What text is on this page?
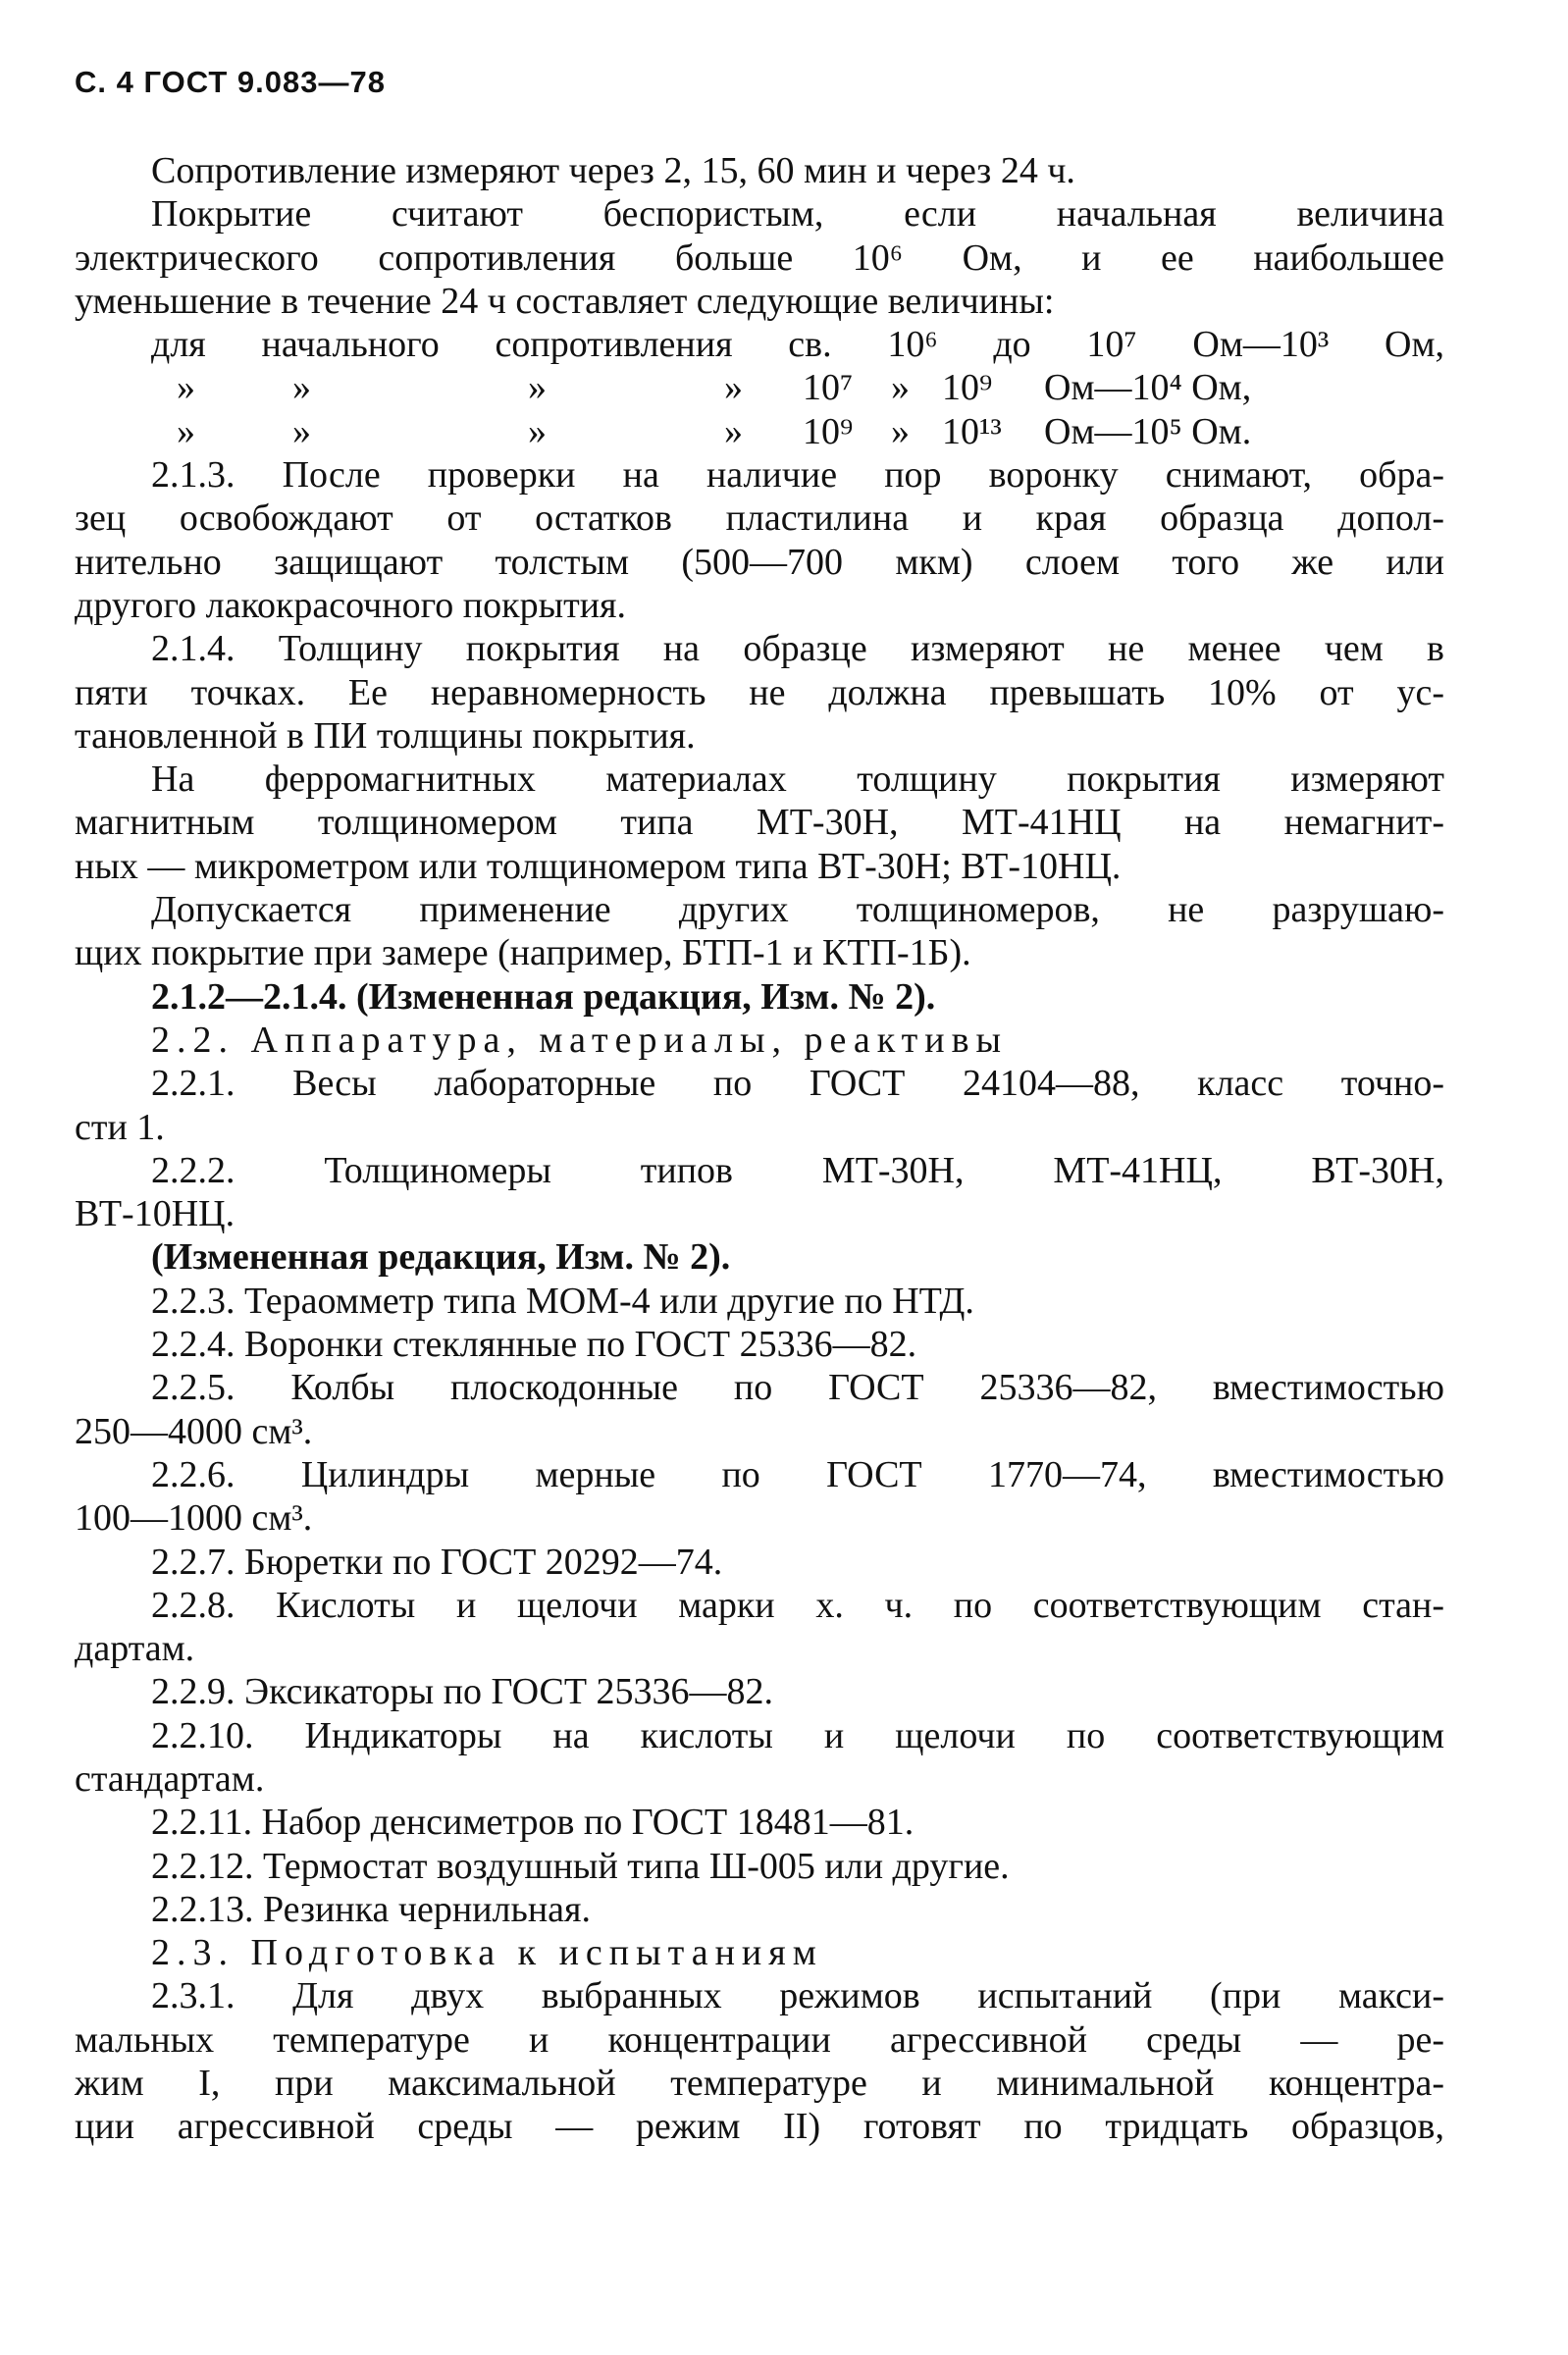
С. 4 ГОСТ 9.083—78
Сопротивление измеряют через 2, 15, 60 мин и через 24 ч.
Покрытие считают беспористым, если начальная величина
электрического сопротивления больше 10⁶ Ом, и ее наибольшее
уменьшение в течение 24 ч составляет следующие величины:
для начального сопротивления св. 10⁶ до 10⁷ Ом—10³ Ом,
»	»	»	»	10⁷	» 10⁹	Ом—10⁴ Ом,
»	»	»	»	10⁹	» 10¹³	Ом—10⁵ Ом.
2.1.3. После проверки на наличие пор воронку снимают, обра-
зец освобождают от остатков пластилина и края образца допол-
нительно защищают толстым (500—700 мкм) слоем того же или
другого лакокрасочного покрытия.
2.1.4. Толщину покрытия на образце измеряют не менее чем в
пяти точках. Ее неравномерность не должна превышать 10% от ус-
тановленной в ПИ толщины покрытия.
На ферромагнитных материалах толщину покрытия измеряют
магнитным толщиномером типа МТ-30Н, МТ-41НЦ на немагнит-
ных — микрометром или толщиномером типа ВТ-30Н; ВТ-10НЦ.
Допускается применение других толщиномеров, не разрушаю-
щих покрытие при замере (например, БТП-1 и КТП-1Б).
2.1.2—2.1.4. (Измененная редакция, Изм. № 2).
2.2. Аппаратура, материалы, реактивы
2.2.1. Весы лабораторные по ГОСТ 24104—88, класс точно-
сти 1.
2.2.2. Толщиномеры типов МТ-30Н, МТ-41НЦ, ВТ-30Н,
ВТ-10НЦ.
(Измененная редакция, Изм. № 2).
2.2.3. Тераомметр типа МОМ-4 или другие по НТД.
2.2.4. Воронки стеклянные по ГОСТ 25336—82.
2.2.5. Колбы плоскодонные по ГОСТ 25336—82, вместимостью
250—4000 см³.
2.2.6. Цилиндры мерные по ГОСТ 1770—74, вместимостью
100—1000 см³.
2.2.7. Бюретки по ГОСТ 20292—74.
2.2.8. Кислоты и щелочи марки х. ч. по соответствующим стан-
дартам.
2.2.9. Эксикаторы по ГОСТ 25336—82.
2.2.10. Индикаторы на кислоты и щелочи по соответствующим
стандартам.
2.2.11. Набор денсиметров по ГОСТ 18481—81.
2.2.12. Термостат воздушный типа Ш-005 или другие.
2.2.13. Резинка чернильная.
2.3. Подготовка к испытаниям
2.3.1. Для двух выбранных режимов испытаний (при макси-
мальных температуре и концентрации агрессивной среды — ре-
жим I, при максимальной температуре и минимальной концентра-
ции агрессивной среды — режим II) готовят по тридцать образцов,
